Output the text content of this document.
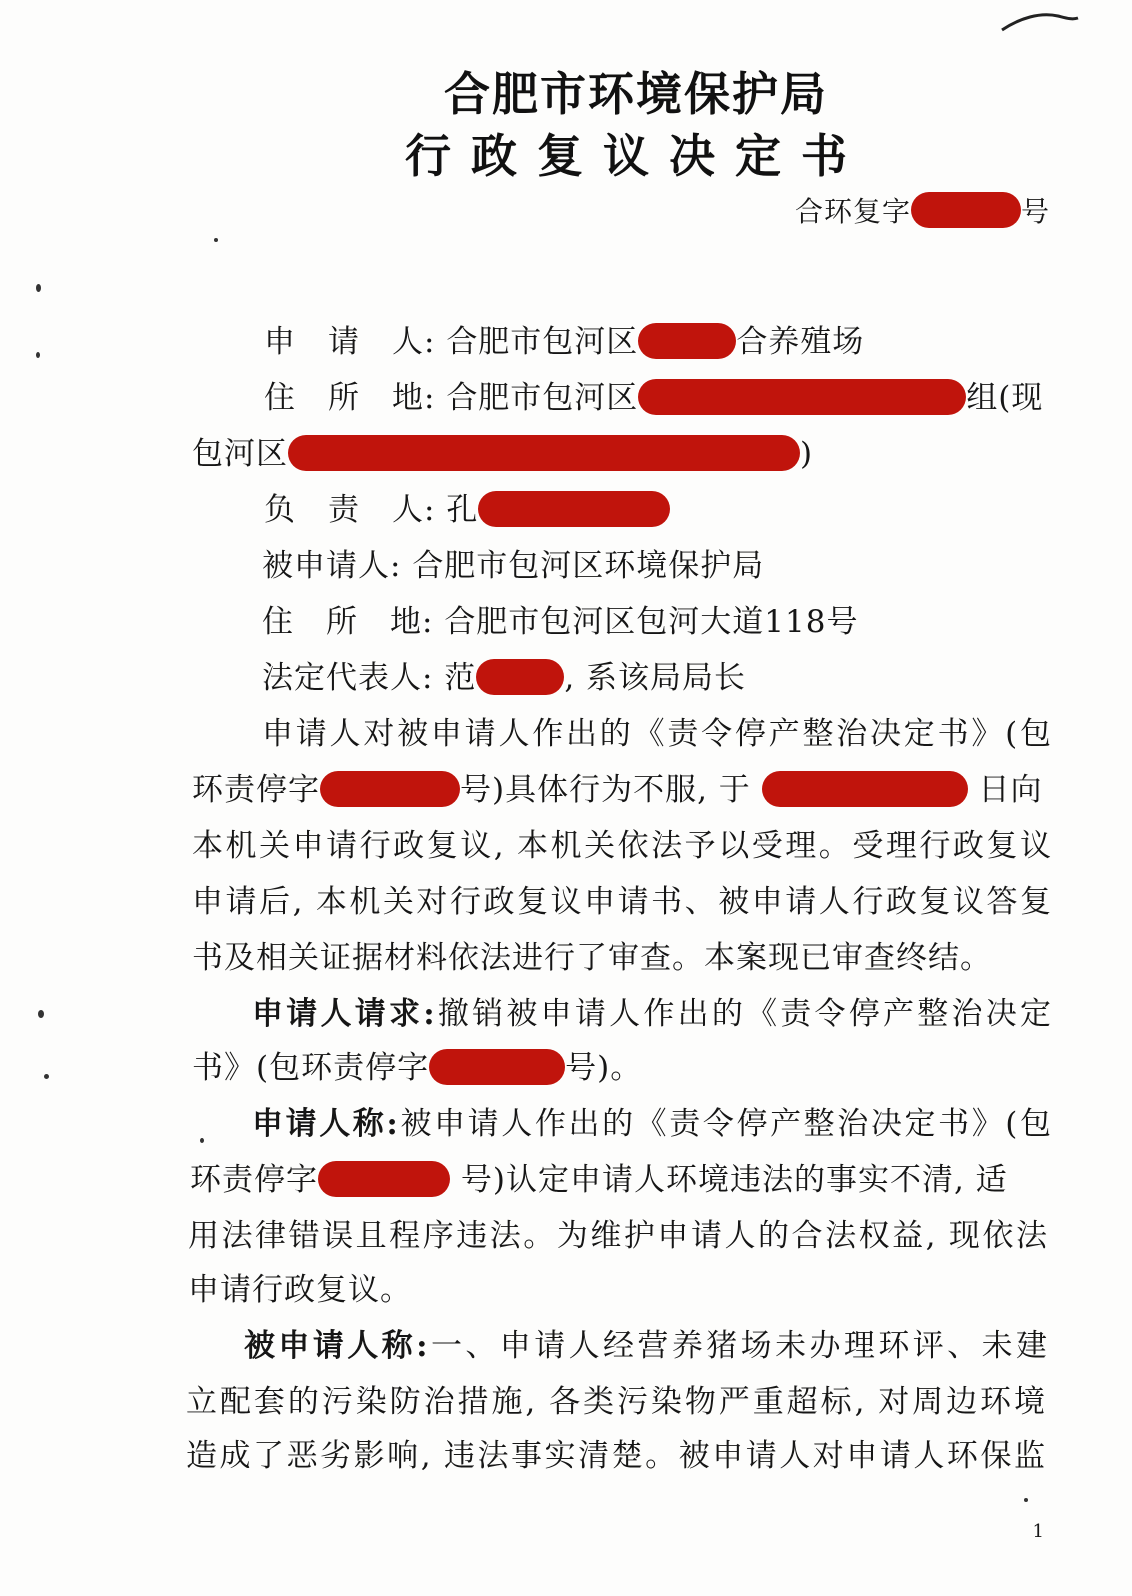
合肥市环境保护局
行政复议决定书
合环复字	号
申　请　人: 合肥市包河区	合养殖场
住　所　地: 合肥市包河区	组(现
包河区	)
负　责　人: 孔
被申请人: 合肥市包河区环境保护局
住　所　地: 合肥市包河区包河大道118号
法定代表人: 范	, 系该局局长
申请人对被申请人作出的《责令停产整治决定书》(包
环责停字	号)具体行为不服, 于	日向
本机关申请行政复议, 本机关依法予以受理。受理行政复议
申请后, 本机关对行政复议申请书、被申请人行政复议答复
书及相关证据材料依法进行了审查。本案现已审查终结。
申请人请求:撤销被申请人作出的《责令停产整治决定
书》(包环责停字	号)。
申请人称:被申请人作出的《责令停产整治决定书》(包
环责停字	号)认定申请人环境违法的事实不清, 适
用法律错误且程序违法。为维护申请人的合法权益, 现依法
申请行政复议。
被申请人称:一、申请人经营养猪场未办理环评、未建
立配套的污染防治措施, 各类污染物严重超标, 对周边环境
造成了恶劣影响, 违法事实清楚。被申请人对申请人环保监
1
